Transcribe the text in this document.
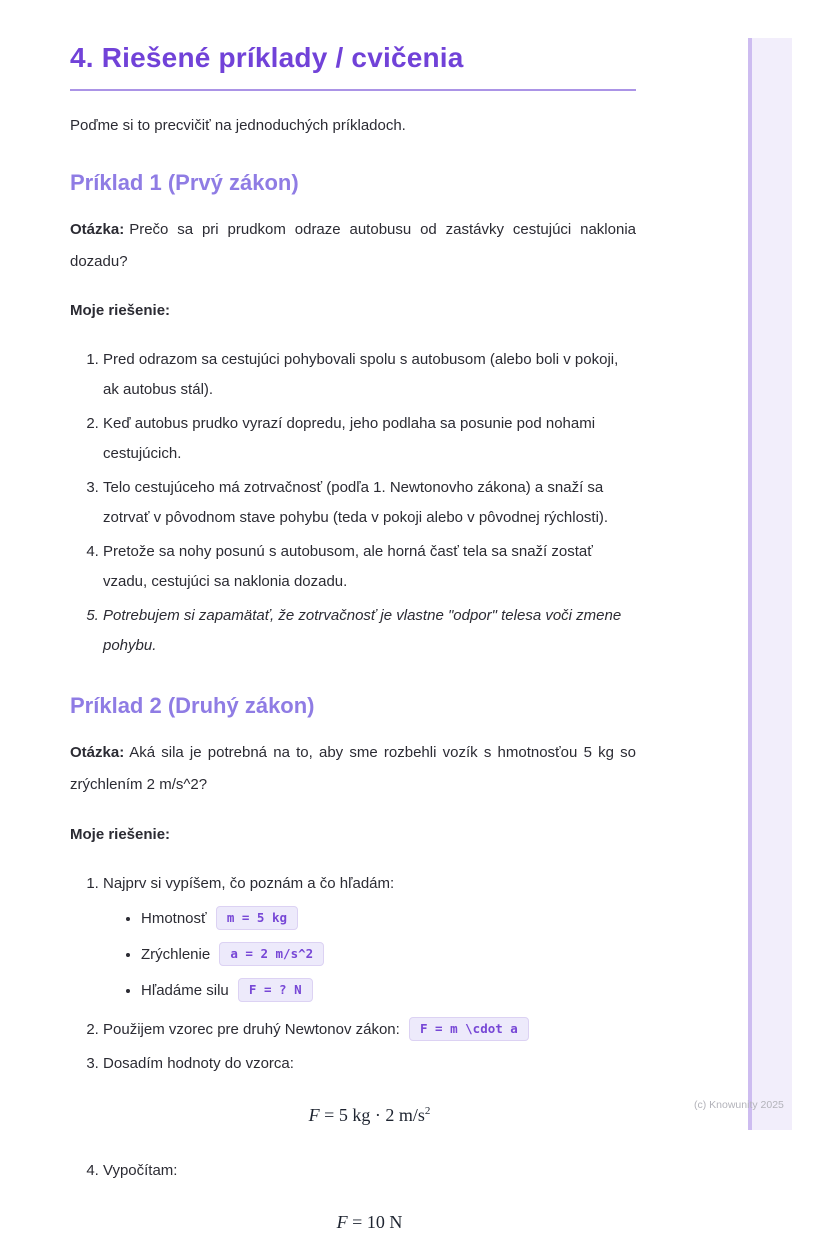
(c) Knowunity 2025
4. Riešené príklady / cvičenia

Poďme si to precvičiť na jednoduchých príkladoch.

Príklad 1 (Prvý zákon)

Otázka: Prečo sa pri prudkom odraze autobusu od zastávky cestujúci naklonia dozadu?

Moje riešenie:

1. Pred odrazom sa cestujúci pohybovali spolu s autobusom (alebo boli v pokoji, ak autobus stál).
2. Keď autobus prudko vyrazí dopredu, jeho podlaha sa posunie pod nohami cestujúcich.
3. Telo cestujúceho má zotrvačnosť (podľa 1. Newtonovho zákona) a snaží sa zotrvať v pôvodnom stave pohybu (teda v pokoji alebo v pôvodnej rýchlosti).
4. Pretože sa nohy posunú s autobusom, ale horná časť tela sa snaží zostať vzadu, cestujúci sa naklonia dozadu.
5. Potrebujem si zapamätať, že zotrvačnosť je vlastne "odpor" telesa voči zmene pohybu.
Príklad 2 (Druhý zákon)

Otázka: Aká sila je potrebná na to, aby sme rozbehli vozík s hmotnosťou 5 kg so zrýchlením 2 m/s^2?

Moje riešenie:

1. Najprv si vypíšem, čo poznám a čo hľadám:
• Hmotnosť m = 5 kg
• Zrýchlenie a = 2 m/s^2
• Hľadáme silu F = ? N
2. Použijem vzorec pre druhý Newtonov zákon: F = m \cdot a
3. Dosadím hodnoty do vzorca:
F = 5 kg · 2 $m/s^2$
4. Vypočítam:
F = 10 N
